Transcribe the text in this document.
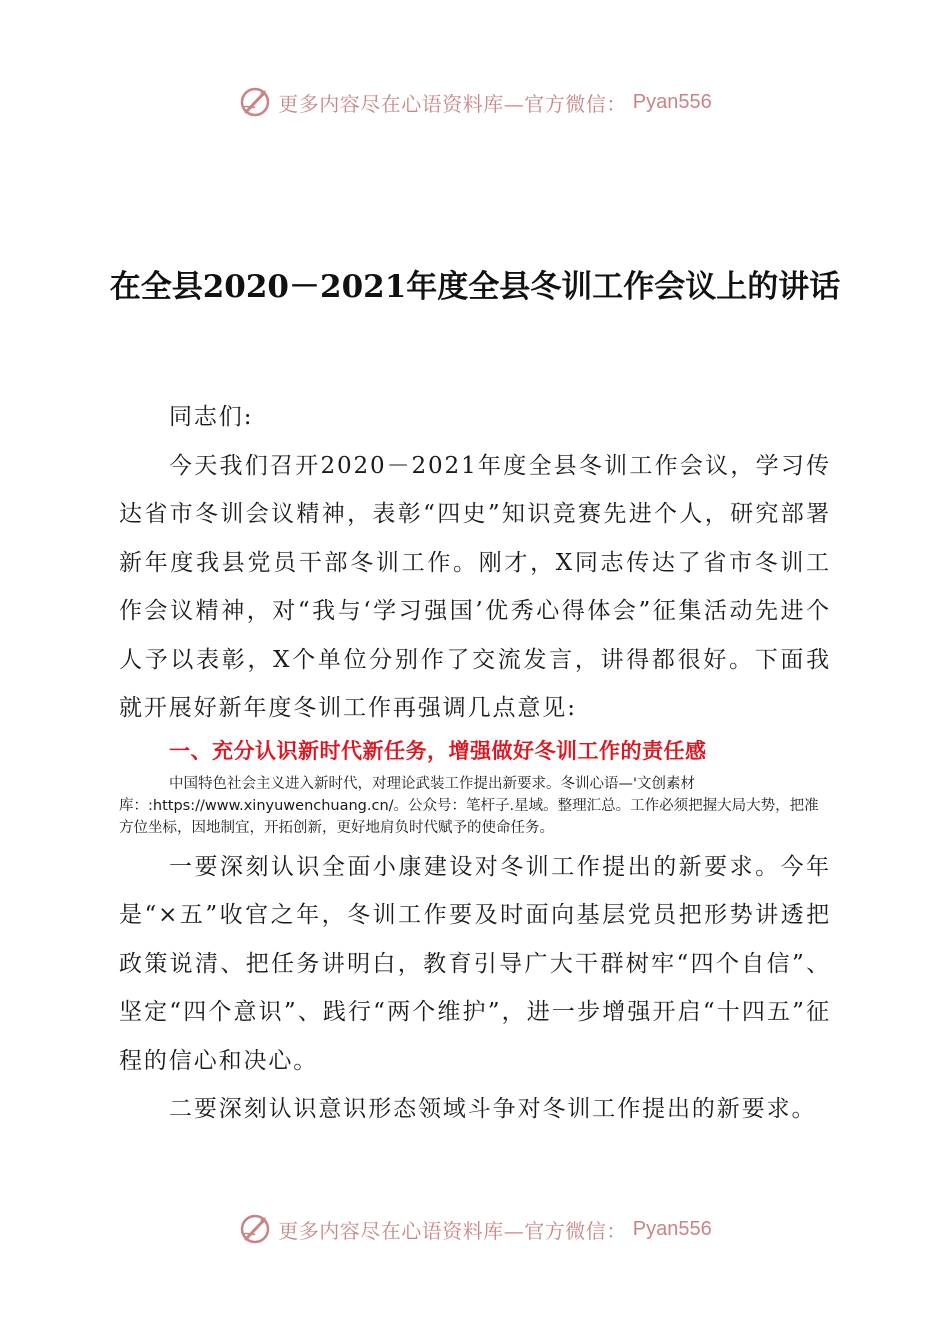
更多内容尽在心语资料库—官方微信： Pyan556
在全县2020－2021年度全县冬训工作会议上的讲话

同志们:

今天我们召开2020－2021年度全县冬训工作会议，学习传达省市冬训会议精神，表彰“四史”知识竞赛先进个人，研究部署新年度我县党员干部冬训工作。刚才，X同志传达了省市冬训工作会议精神，对“我与‘学习强国’优秀心得体会”征集活动先进个人予以表彰，X个单位分别作了交流发言，讲得都很好。下面我就开展好新年度冬训工作再强调几点意见:

一、充分认识新时代新任务，增强做好冬训工作的责任感

中国特色社会主义进入新时代，对理论武装工作提出新要求。冬训心语—'文创素材库：:https://www.xinyuwenchuang.cn/。公众号：笔杆子.星域。整理汇总。工作必须把握大局大势，把准方位坐标，因地制宜，开拓创新，更好地肩负时代赋予的使命任务。

一要深刻认识全面小康建设对冬训工作提出的新要求。今年是“×五”收官之年，冬训工作要及时面向基层党员把形势讲透把政策说清、把任务讲明白，教育引导广大干群树牢“四个自信”、坚定“四个意识”、践行“两个维护”，进一步增强开启“十四五”征程的信心和决心。

二要深刻认识意识形态领域斗争对冬训工作提出的新要求。

更多内容尽在心语资料库—官方微信： Pyan556
